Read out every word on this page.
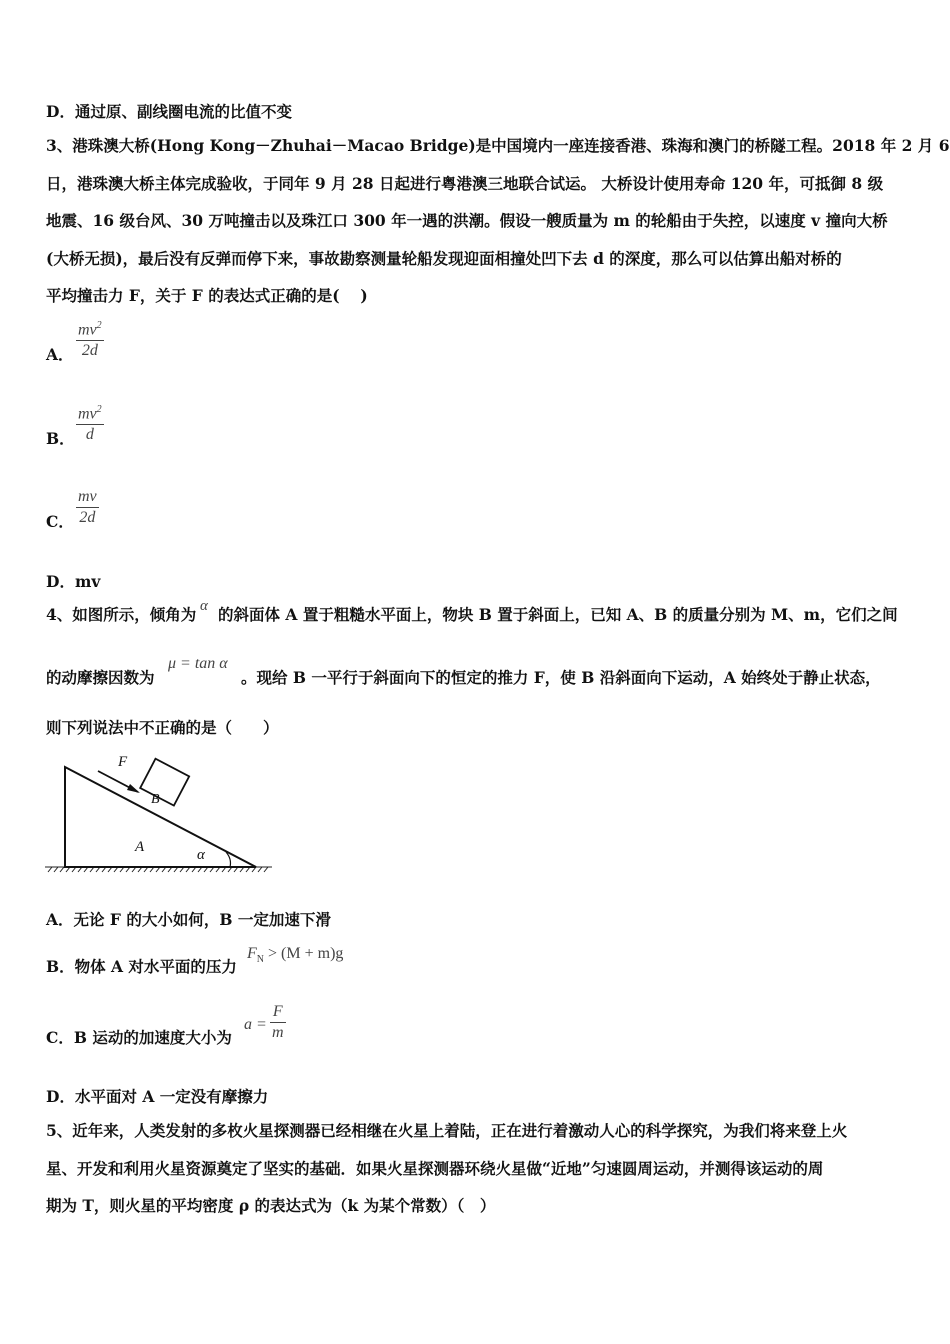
D．通过原、副线圈电流的比值不变
3、港珠澳大桥(Hong Kong－Zhuhai－Macao Bridge)是中国境内一座连接香港、珠海和澳门的桥隧工程。2018 年 2 月 6
日，港珠澳大桥主体完成验收，于同年 9 月 28 日起进行粤港澳三地联合试运。 大桥设计使用寿命 120 年，可抵御 8 级
地震、16 级台风、30 万吨撞击以及珠江口 300 年一遇的洪潮。假设一艘质量为 m 的轮船由于失控，以速度 v 撞向大桥
(大桥无损)，最后没有反弹而停下来，事故勘察测量轮船发现迎面相撞处凹下去 d 的深度，那么可以估算出船对桥的
平均撞击力 F，关于 F 的表达式正确的是(　 )
A．
$mv^2$
2d
B．
$mv^2$
d
C．
mv
2d
D．mv
4、如图所示，倾角为 α 的斜面体 A 置于粗糙水平面上，物块 B 置于斜面上，已知 A、B 的质量分别为 M、m，它们之间
的动摩擦因数为
μ = tan α
。现给 B 一平行于斜面向下的恒定的推力 F，使 B 沿斜面向下运动，A 始终处于静止状态，
则下列说法中不正确的是（　　）
F
B
A	α
A．无论 F 的大小如何，B 一定加速下滑
B．物体 A 对水平面的压力
$F_N > (M + m)g$
C．B 运动的加速度大小为
a =
F
m
D．水平面对 A 一定没有摩擦力
5、近年来，人类发射的多枚火星探测器已经相继在火星上着陆，正在进行着激动人心的科学探究，为我们将来登上火
星、开发和利用火星资源奠定了坚实的基础．如果火星探测器环绕火星做“近地”匀速圆周运动，并测得该运动的周
期为 T，则火星的平均密度 ρ 的表达式为（k 为某个常数）（　）
